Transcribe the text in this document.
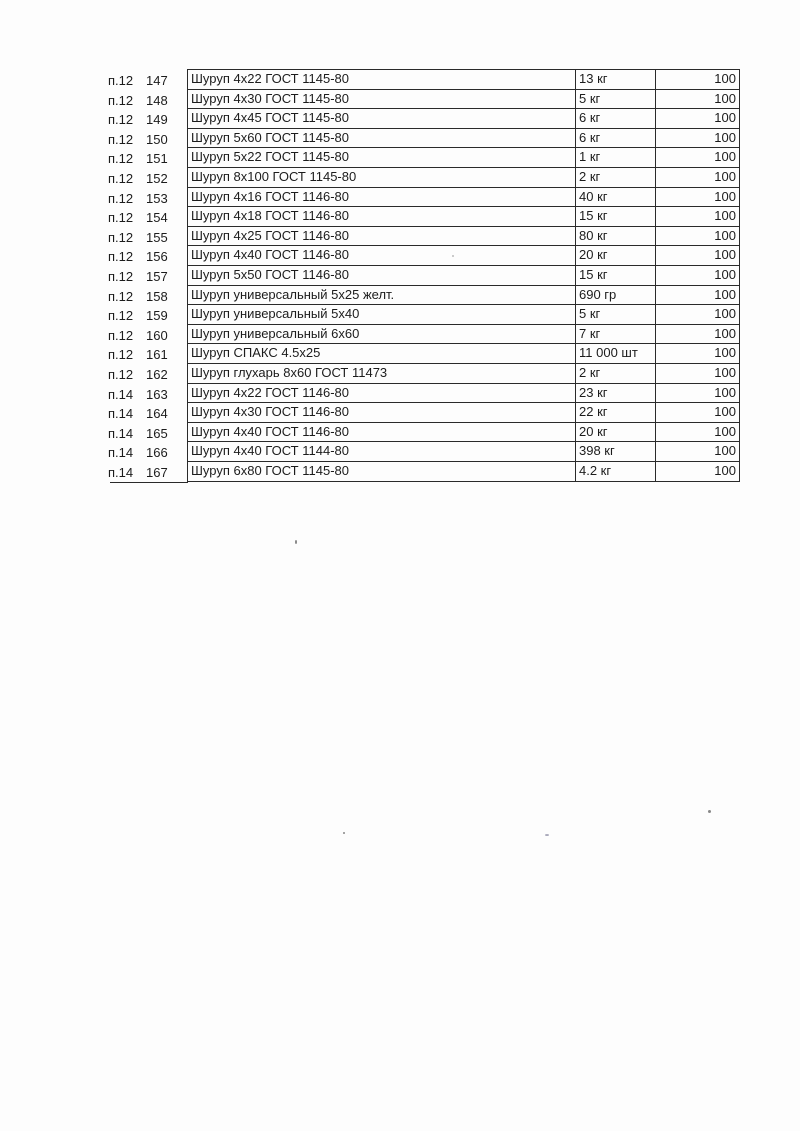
п.12 147	Шуруп 4х22 ГОСТ 1145-80	13 кг	100
п.12 148	Шуруп 4х30 ГОСТ 1145-80	5 кг	100
п.12 149	Шуруп 4х45 ГОСТ 1145-80	6 кг	100
п.12 150	Шуруп 5х60 ГОСТ 1145-80	6 кг	100
п.12 151	Шуруп 5х22 ГОСТ 1145-80	1 кг	100
п.12 152	Шуруп 8х100 ГОСТ 1145-80	2 кг	100
п.12 153	Шуруп 4х16 ГОСТ 1146-80	40 кг	100
п.12 154	Шуруп 4х18 ГОСТ 1146-80	15 кг	100
п.12 155	Шуруп 4х25 ГОСТ 1146-80	80 кг	100
п.12 156	Шуруп 4х40 ГОСТ 1146-80	20 кг	100
п.12 157	Шуруп 5х50 ГОСТ 1146-80	15 кг	100
п.12 158	Шуруп универсальный 5х25 желт.	690 гр	100
п.12 159	Шуруп универсальный 5х40	5 кг	100
п.12 160	Шуруп универсальный 6х60	7 кг	100
п.12 161	Шуруп СПАКС 4.5х25	11 000 шт	100
п.12 162	Шуруп глухарь 8х60 ГОСТ 11473	2 кг	100
п.14 163	Шуруп 4х22 ГОСТ 1146-80	23 кг	100
п.14 164	Шуруп 4х30 ГОСТ 1146-80	22 кг	100
п.14 165	Шуруп 4х40 ГОСТ 1146-80	20 кг	100
п.14 166	Шуруп 4х40 ГОСТ 1144-80	398 кг	100
п.14 167	Шуруп 6х80 ГОСТ 1145-80	4.2 кг	100
